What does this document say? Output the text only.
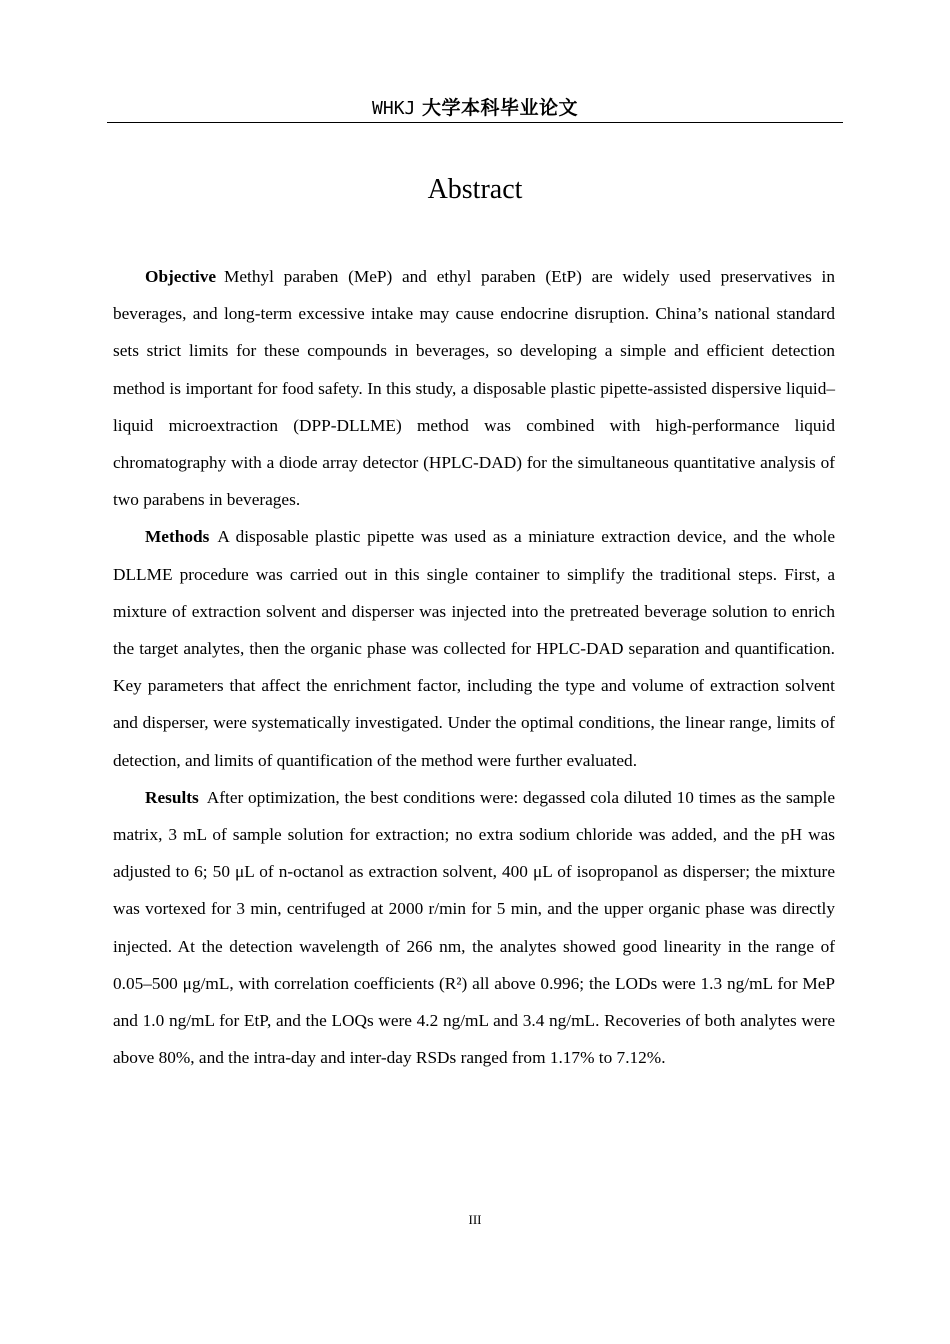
WHKJ 大学本科毕业论文
Abstract

Objective Methyl paraben (MeP) and ethyl paraben (EtP) are widely used preservatives in beverages, and long-term excessive intake may cause endocrine disruption. China’s national standard sets strict limits for these compounds in beverages, so developing a simple and efficient detection method is important for food safety. In this study, a disposable plastic pipette-assisted dispersive liquid–liquid microextraction (DPP-DLLME) method was combined with high-performance liquid chromatography with a diode array detector (HPLC-DAD) for the simultaneous quantitative analysis of two parabens in beverages.

Methods A disposable plastic pipette was used as a miniature extraction device, and the whole DLLME procedure was carried out in this single container to simplify the traditional steps. First, a mixture of extraction solvent and disperser was injected into the pretreated beverage solution to enrich the target analytes, then the organic phase was collected for HPLC-DAD separation and quantification. Key parameters that affect the enrichment factor, including the type and volume of extraction solvent and disperser, were systematically investigated. Under the optimal conditions, the linear range, limits of detection, and limits of quantification of the method were further evaluated.

Results After optimization, the best conditions were: degassed cola diluted 10 times as the sample matrix, 3 mL of sample solution for extraction; no extra sodium chloride was added, and the pH was adjusted to 6; 50 μL of n-octanol as extraction solvent, 400 μL of isopropanol as disperser; the mixture was vortexed for 3 min, centrifuged at 2000 r/min for 5 min, and the upper organic phase was directly injected. At the detection wavelength of 266 nm, the analytes showed good linearity in the range of 0.05–500 μg/mL, with correlation coefficients (R²) all above 0.996; the LODs were 1.3 ng/mL for MeP and 1.0 ng/mL for EtP, and the LOQs were 4.2 ng/mL and 3.4 ng/mL. Recoveries of both analytes were above 80%, and the intra-day and inter-day RSDs ranged from 1.17% to 7.12%.

III
